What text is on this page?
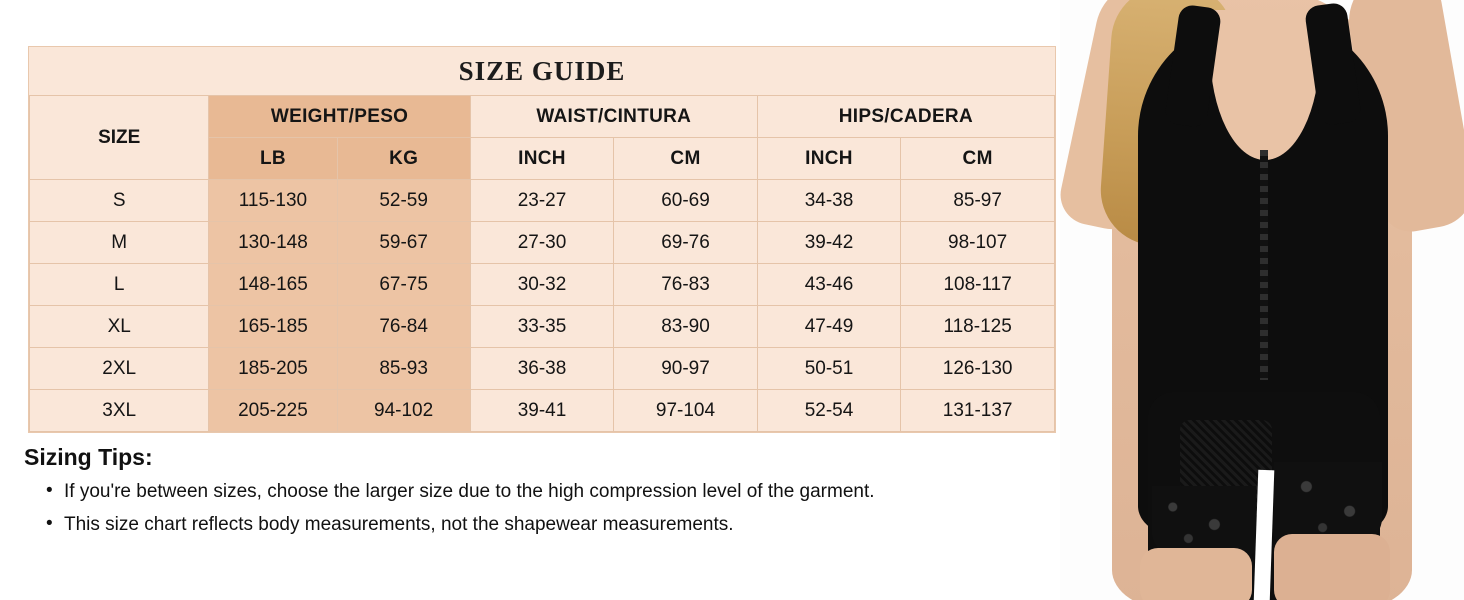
SIZE GUIDE
SIZE	WEIGHT/PESO		WAIST/CINTURA		HIPS/CADERA	
	LB	KG	INCH	CM	INCH	CM
S	115-130	52-59	23-27	60-69	34-38	85-97
M	130-148	59-67	27-30	69-76	39-42	98-107
L	148-165	67-75	30-32	76-83	43-46	108-117
XL	165-185	76-84	33-35	83-90	47-49	118-125
2XL	185-205	85-93	36-38	90-97	50-51	126-130
3XL	205-225	94-102	39-41	97-104	52-54	131-137
Sizing Tips:
• If you're between sizes, choose the larger size due to the high compression level of the garment.
• This size chart reflects body measurements, not the shapewear measurements.
